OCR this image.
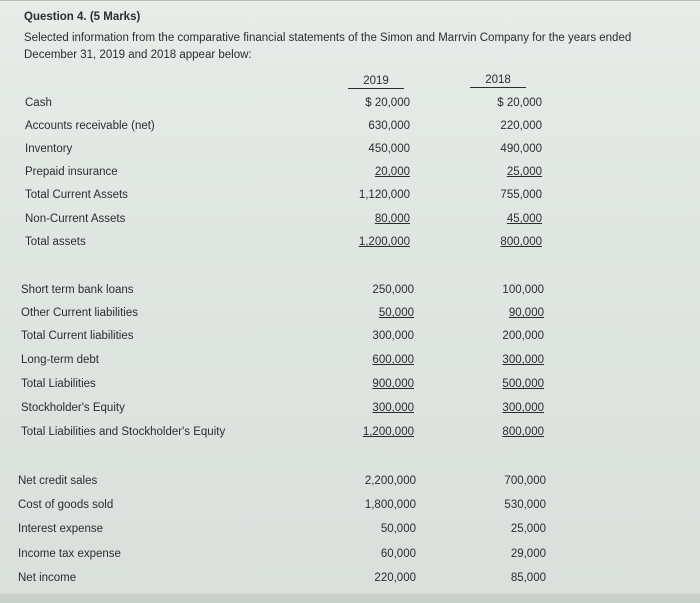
Question 4. (5 Marks)
Selected information from the comparative financial statements of the Simon and Marrvin Company for the years ended December 31, 2019 and 2018 appear below:
2019	2018
Cash	$ 20,000	$ 20,000
Accounts receivable (net)	630,000	220,000
Inventory	450,000	490,000
Prepaid insurance	20,000	25,000
Total Current Assets	1,120,000	755,000
Non-Current Assets	80,000	45,000
Total assets	1,200,000	800,000
Short term bank loans	250,000	100,000
Other Current liabilities	50,000	90,000
Total Current liabilities	300,000	200,000
Long-term debt	600,000	300,000
Total Liabilities	900,000	500,000
Stockholder's Equity	300,000	300,000
Total Liabilities and Stockholder's Equity	1,200,000	800,000
Net credit sales	2,200,000	700,000
Cost of goods sold	1,800,000	530,000
Interest expense	50,000	25,000
Income tax expense	60,000	29,000
Net income	220,000	85,000
